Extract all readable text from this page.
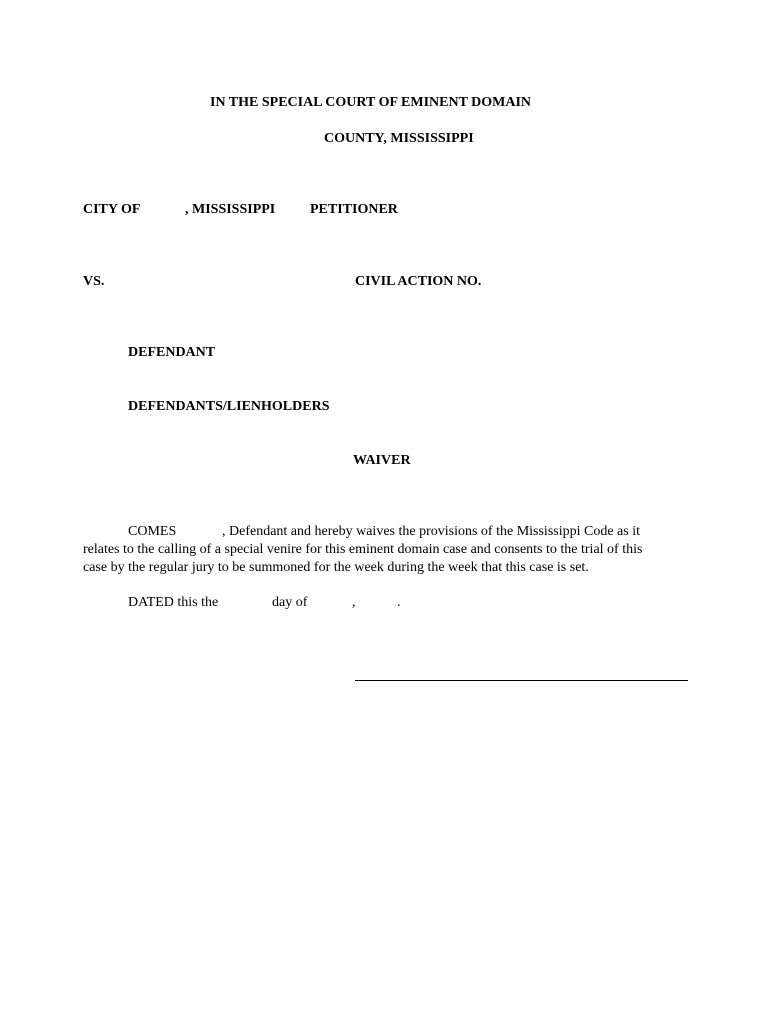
IN THE SPECIAL COURT OF EMINENT DOMAIN
COUNTY, MISSISSIPPI
CITY OF	, MISSISSIPPI PETITIONER
VS.	CIVIL ACTION NO.
DEFENDANT
DEFENDANTS/LIENHOLDERS
WAIVER
COMES	, Defendant and hereby waives the provisions of the Mississippi Code as it
relates to the calling of a special venire for this eminent domain case and consents to the trial of this
case by the regular jury to be summoned for the week during the week that this case is set.
DATED this the	day of	,	.
